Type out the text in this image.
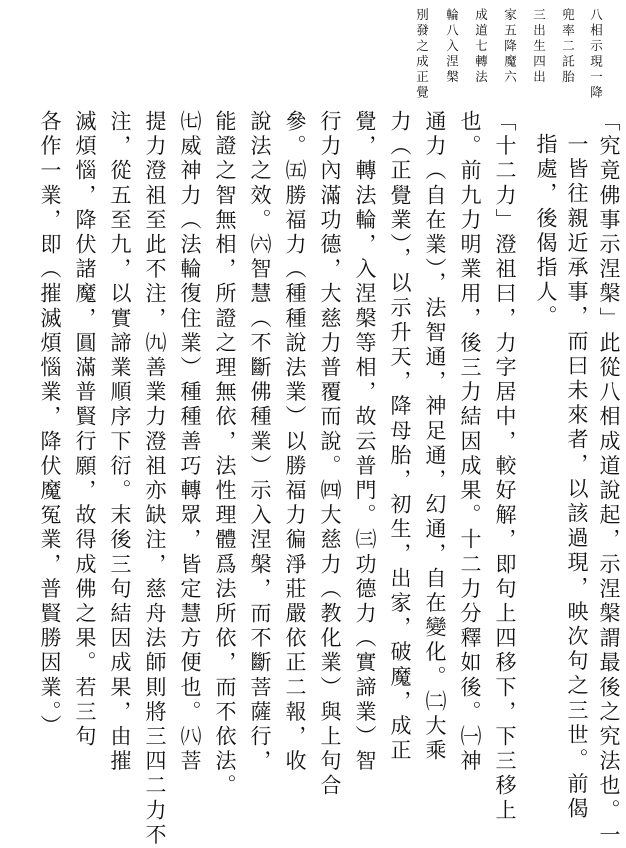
八相示現一降
兜率二託胎
三出生四出
家五降魔六
成道七轉法
輪八入涅槃
別發之成正覺
「究竟佛事示涅槃」此從八相成道說起，示涅槃謂最後之究法也。一
一皆往親近承事，而曰未來者，以該過現，映次句之三世。前偈
指處，後偈指人。
「十二力」澄祖曰，力字居中，較好解，即句上四移下，下三移上
也。前九力明業用，後三力結因成果。十二力分釋如後。㈠神
通力（自在業），法智通，神足通，幻通，自在變化。㈡大乘
力（正覺業），以示升天，降母胎，初生，出家，破魔，成正
覺，轉法輪，入涅槃等相，故云普門。㈢功德力（實諦業）智
行力內滿功德，大慈力普覆而說。㈣大慈力（教化業）與上句合
參。㈤勝福力（種種說法業）以勝福力徧淨莊嚴依正二報，收
說法之效。㈥智慧（不斷佛種業）示入涅槃，而不斷菩薩行，
能證之智無相，所證之理無依，法性理體爲法所依，而不依法。
㈦威神力（法輪復住業）種種善巧轉眾，皆定慧方便也。㈧菩
提力澄祖至此不注，㈨善業力澄祖亦缺注，慈舟法師則將三四二力不
注，從五至九，以實諦業順序下衍。末後三句結因成果，由摧
滅煩惱，降伏諸魔，圓滿普賢行願，故得成佛之果。若三句
各作一業，即（摧滅煩惱業，降伏魔冤業，普賢勝因業。）
